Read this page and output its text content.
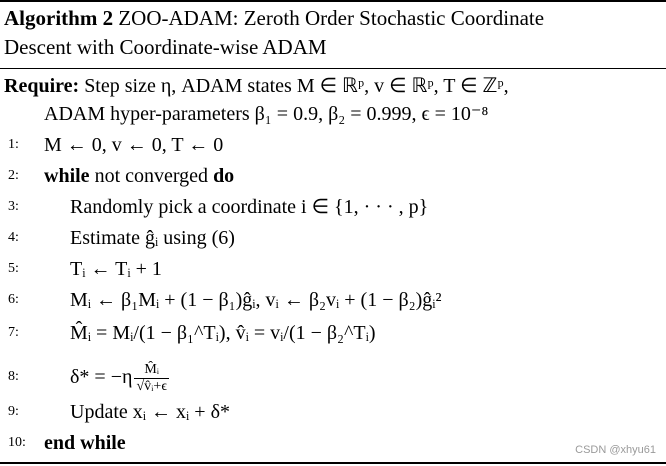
Algorithm 2 ZOO-ADAM: Zeroth Order Stochastic Coordinate
Descent with Coordinate-wise ADAM
Require: Step size η, ADAM states M ∈ ℝᵖ, v ∈ ℝᵖ, T ∈ ℤᵖ,
ADAM hyper-parameters β₁ = 0.9, β₂ = 0.999, ϵ = 10⁻⁸
1:	M ← 0, v ← 0, T ← 0
2:	while not converged do
3:	Randomly pick a coordinate i ∈ {1, · · · , p}
4:	Estimate ĝᵢ using (6)
5:	Tᵢ ← Tᵢ + 1
6:	Mᵢ ← β₁Mᵢ + (1 − β₁)ĝᵢ, vᵢ ← β₂vᵢ + (1 − β₂)ĝᵢ²
7:	M̂ᵢ = Mᵢ/(1 − β₁^Tᵢ), v̂ᵢ = vᵢ/(1 − β₂^Tᵢ)
8:	$\delta* = -\eta \frac{\text{M̂ᵢ}}{\text{√v̂ᵢ+ϵ}}$
9:	Update xᵢ ← xᵢ + δ*
10: end while	CSDN @xhyu61
